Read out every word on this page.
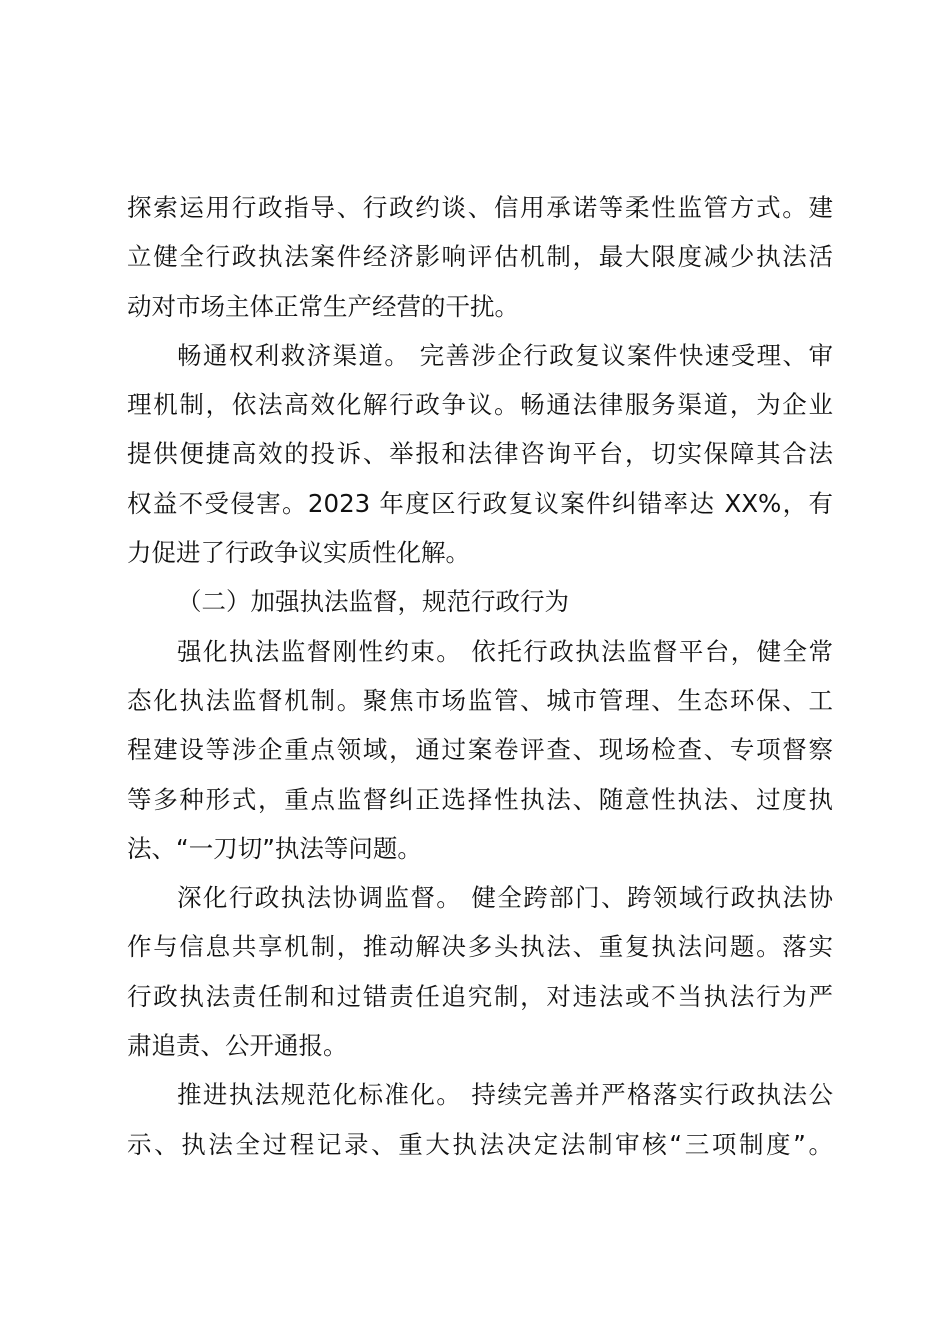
探索运用行政指导、行政约谈、信用承诺等柔性监管方式。建
立健全行政执法案件经济影响评估机制，最大限度减少执法活
动对市场主体正常生产经营的干扰。
畅通权利救济渠道。 完善涉企行政复议案件快速受理、审
理机制，依法高效化解行政争议。畅通法律服务渠道，为企业
提供便捷高效的投诉、举报和法律咨询平台，切实保障其合法
权益不受侵害。2023 年度区行政复议案件纠错率达 XX%，有
力促进了行政争议实质性化解。
（二）加强执法监督，规范行政行为
强化执法监督刚性约束。 依托行政执法监督平台，健全常
态化执法监督机制。聚焦市场监管、城市管理、生态环保、工
程建设等涉企重点领域，通过案卷评查、现场检查、专项督察
等多种形式，重点监督纠正选择性执法、随意性执法、过度执
法、“一刀切”执法等问题。
深化行政执法协调监督。 健全跨部门、跨领域行政执法协
作与信息共享机制，推动解决多头执法、重复执法问题。落实
行政执法责任制和过错责任追究制，对违法或不当执法行为严
肃追责、公开通报。
推进执法规范化标准化。 持续完善并严格落实行政执法公
示、执法全过程记录、重大执法决定法制审核“三项制度”。
